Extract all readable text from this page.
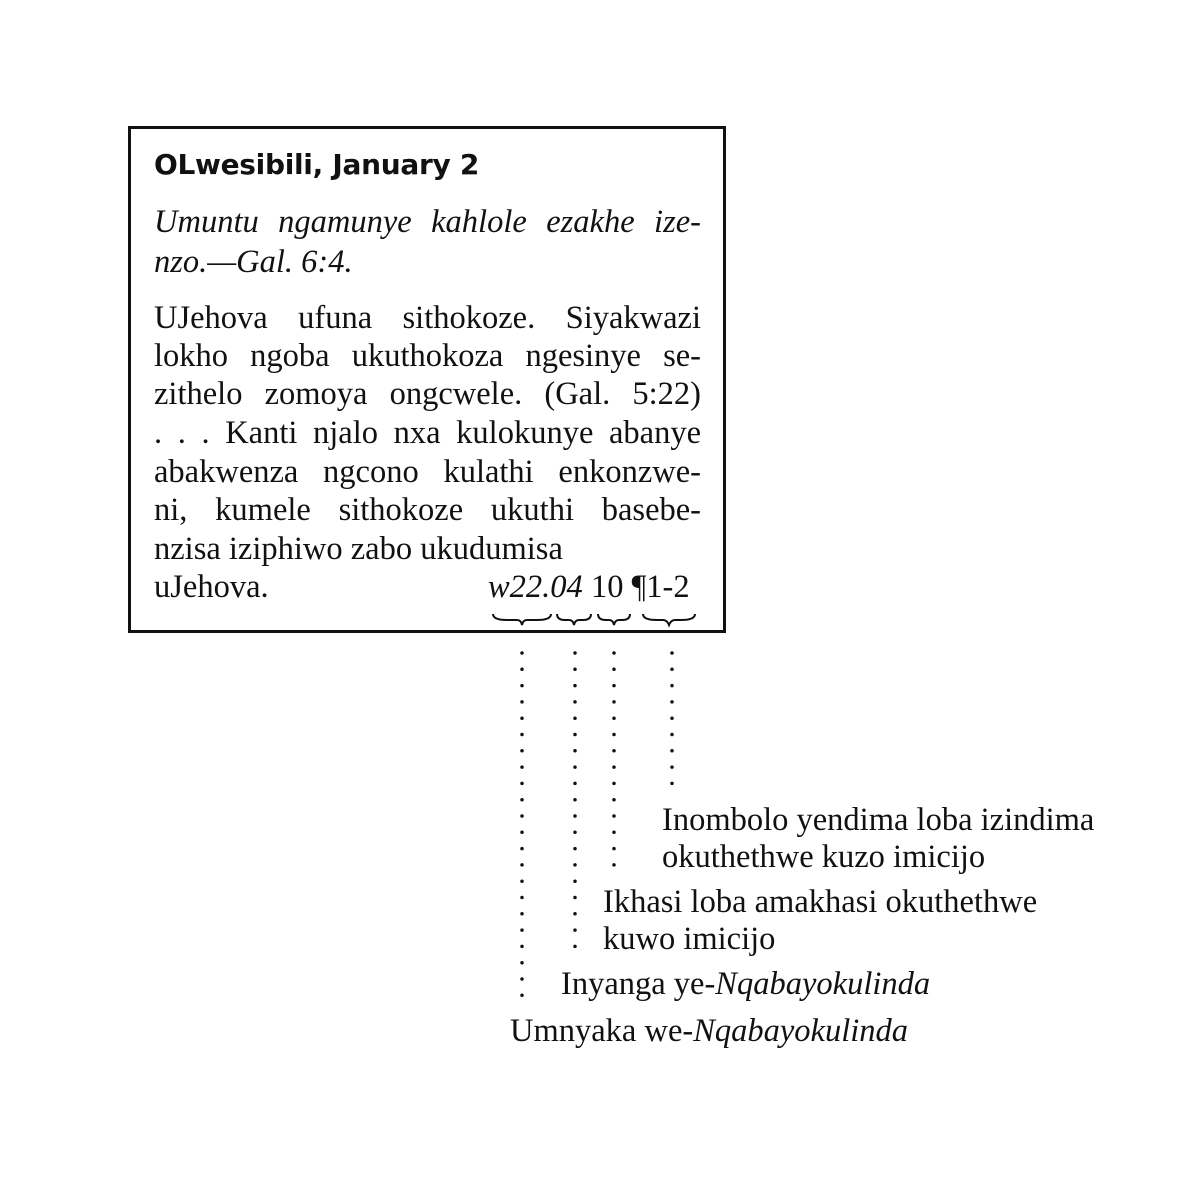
OLwesibili, January 2
Umuntu ngamunye kahlole ezakhe ize-
nzo.—Gal. 6:4.
UJehova ufuna sithokoze. Siyakwazi
lokho ngoba ukuthokoza ngesinye se-
zithelo zomoya ongcwele. (Gal. 5:22)
. . . Kanti njalo nxa kulokunye abanye
abakwenza ngcono kulathi enkonzwe-
ni, kumele sithokoze ukuthi basebe-
nzisa iziphiwo zabo ukudumisa
uJehova.	w22.04 10 ¶1-2
Inombolo yendima loba izindima
okuthethwe kuzo imicijo
Ikhasi loba amakhasi okuthethwe
kuwo imicijo
Inyanga ye-Nqabayokulinda
Umnyaka we-Nqabayokulinda
